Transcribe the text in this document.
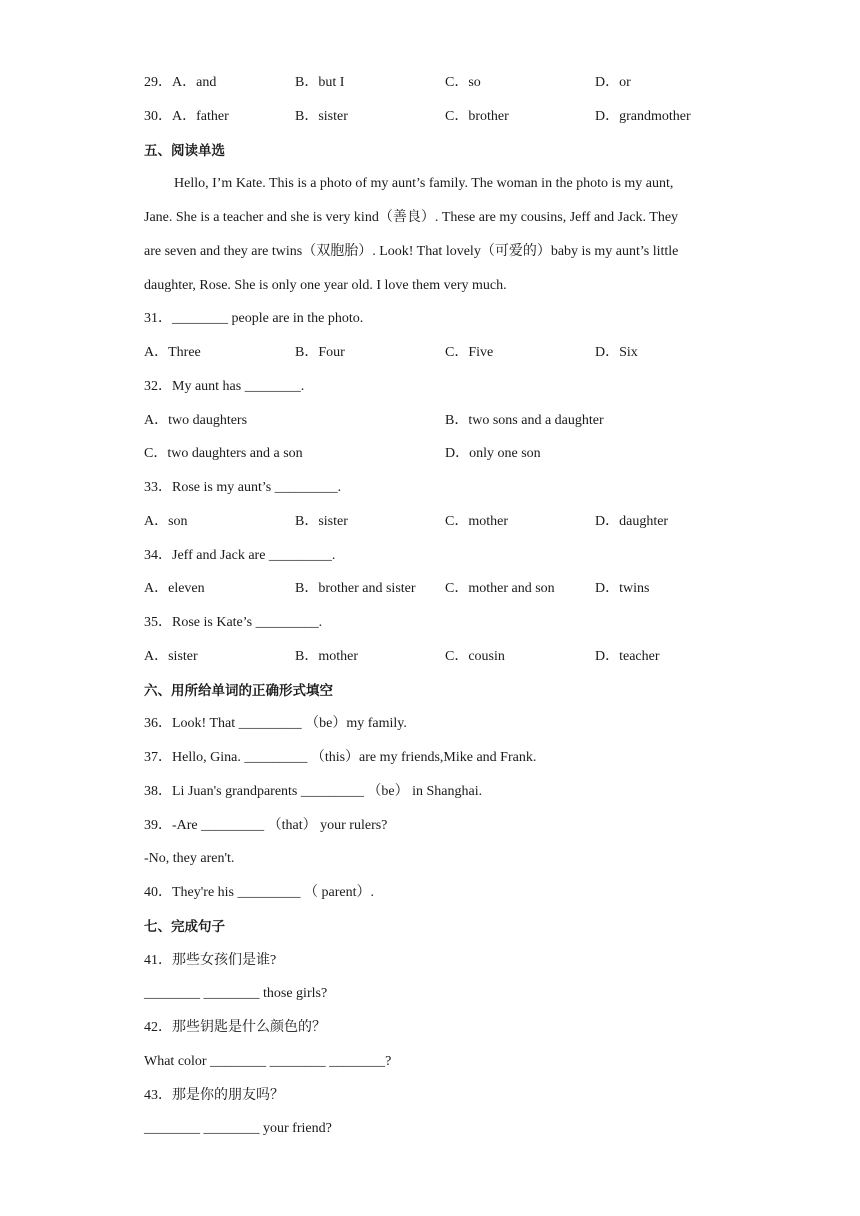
29．A．and	B．but I	C．so	D．or
30．A．father	B．sister	C．brother	D．grandmother
五、阅读单选
Hello, I’m Kate. This is a photo of my aunt’s family. The woman in the photo is my aunt,
Jane. She is a teacher and she is very kind（善良）. These are my cousins, Jeff and Jack. They
are seven and they are twins（双胞胎）. Look! That lovely（可爱的）baby is my aunt’s little
daughter, Rose. She is only one year old. I love them very much.
31．________ people are in the photo.
A．Three	B．Four	C．Five	D．Six
32．My aunt has ________.
A．two daughters	B．two sons and a daughter
C．two daughters and a son	D．only one son
33．Rose is my aunt’s _________.
A．son	B．sister	C．mother	D．daughter
34．Jeff and Jack are _________.
A．eleven	B．brother and sister C．mother and son	D．twins
35．Rose is Kate’s _________.
A．sister	B．mother	C．cousin	D．teacher
六、用所给单词的正确形式填空
36．Look! That _________ （be）my family.
37．Hello, Gina. _________ （this）are my friends,Mike and Frank.
38．Li Juan's grandparents _________ （be） in Shanghai.
39．-Are _________ （that） your rulers?
-No, they aren't.
40．They're his _________ （ parent）.
七、完成句子
41．那些女孩们是谁?
________ ________ those girls?
42．那些钥匙是什么颜色的？
What color ________ ________ ________?
43．那是你的朋友吗？
________ ________ your friend?
